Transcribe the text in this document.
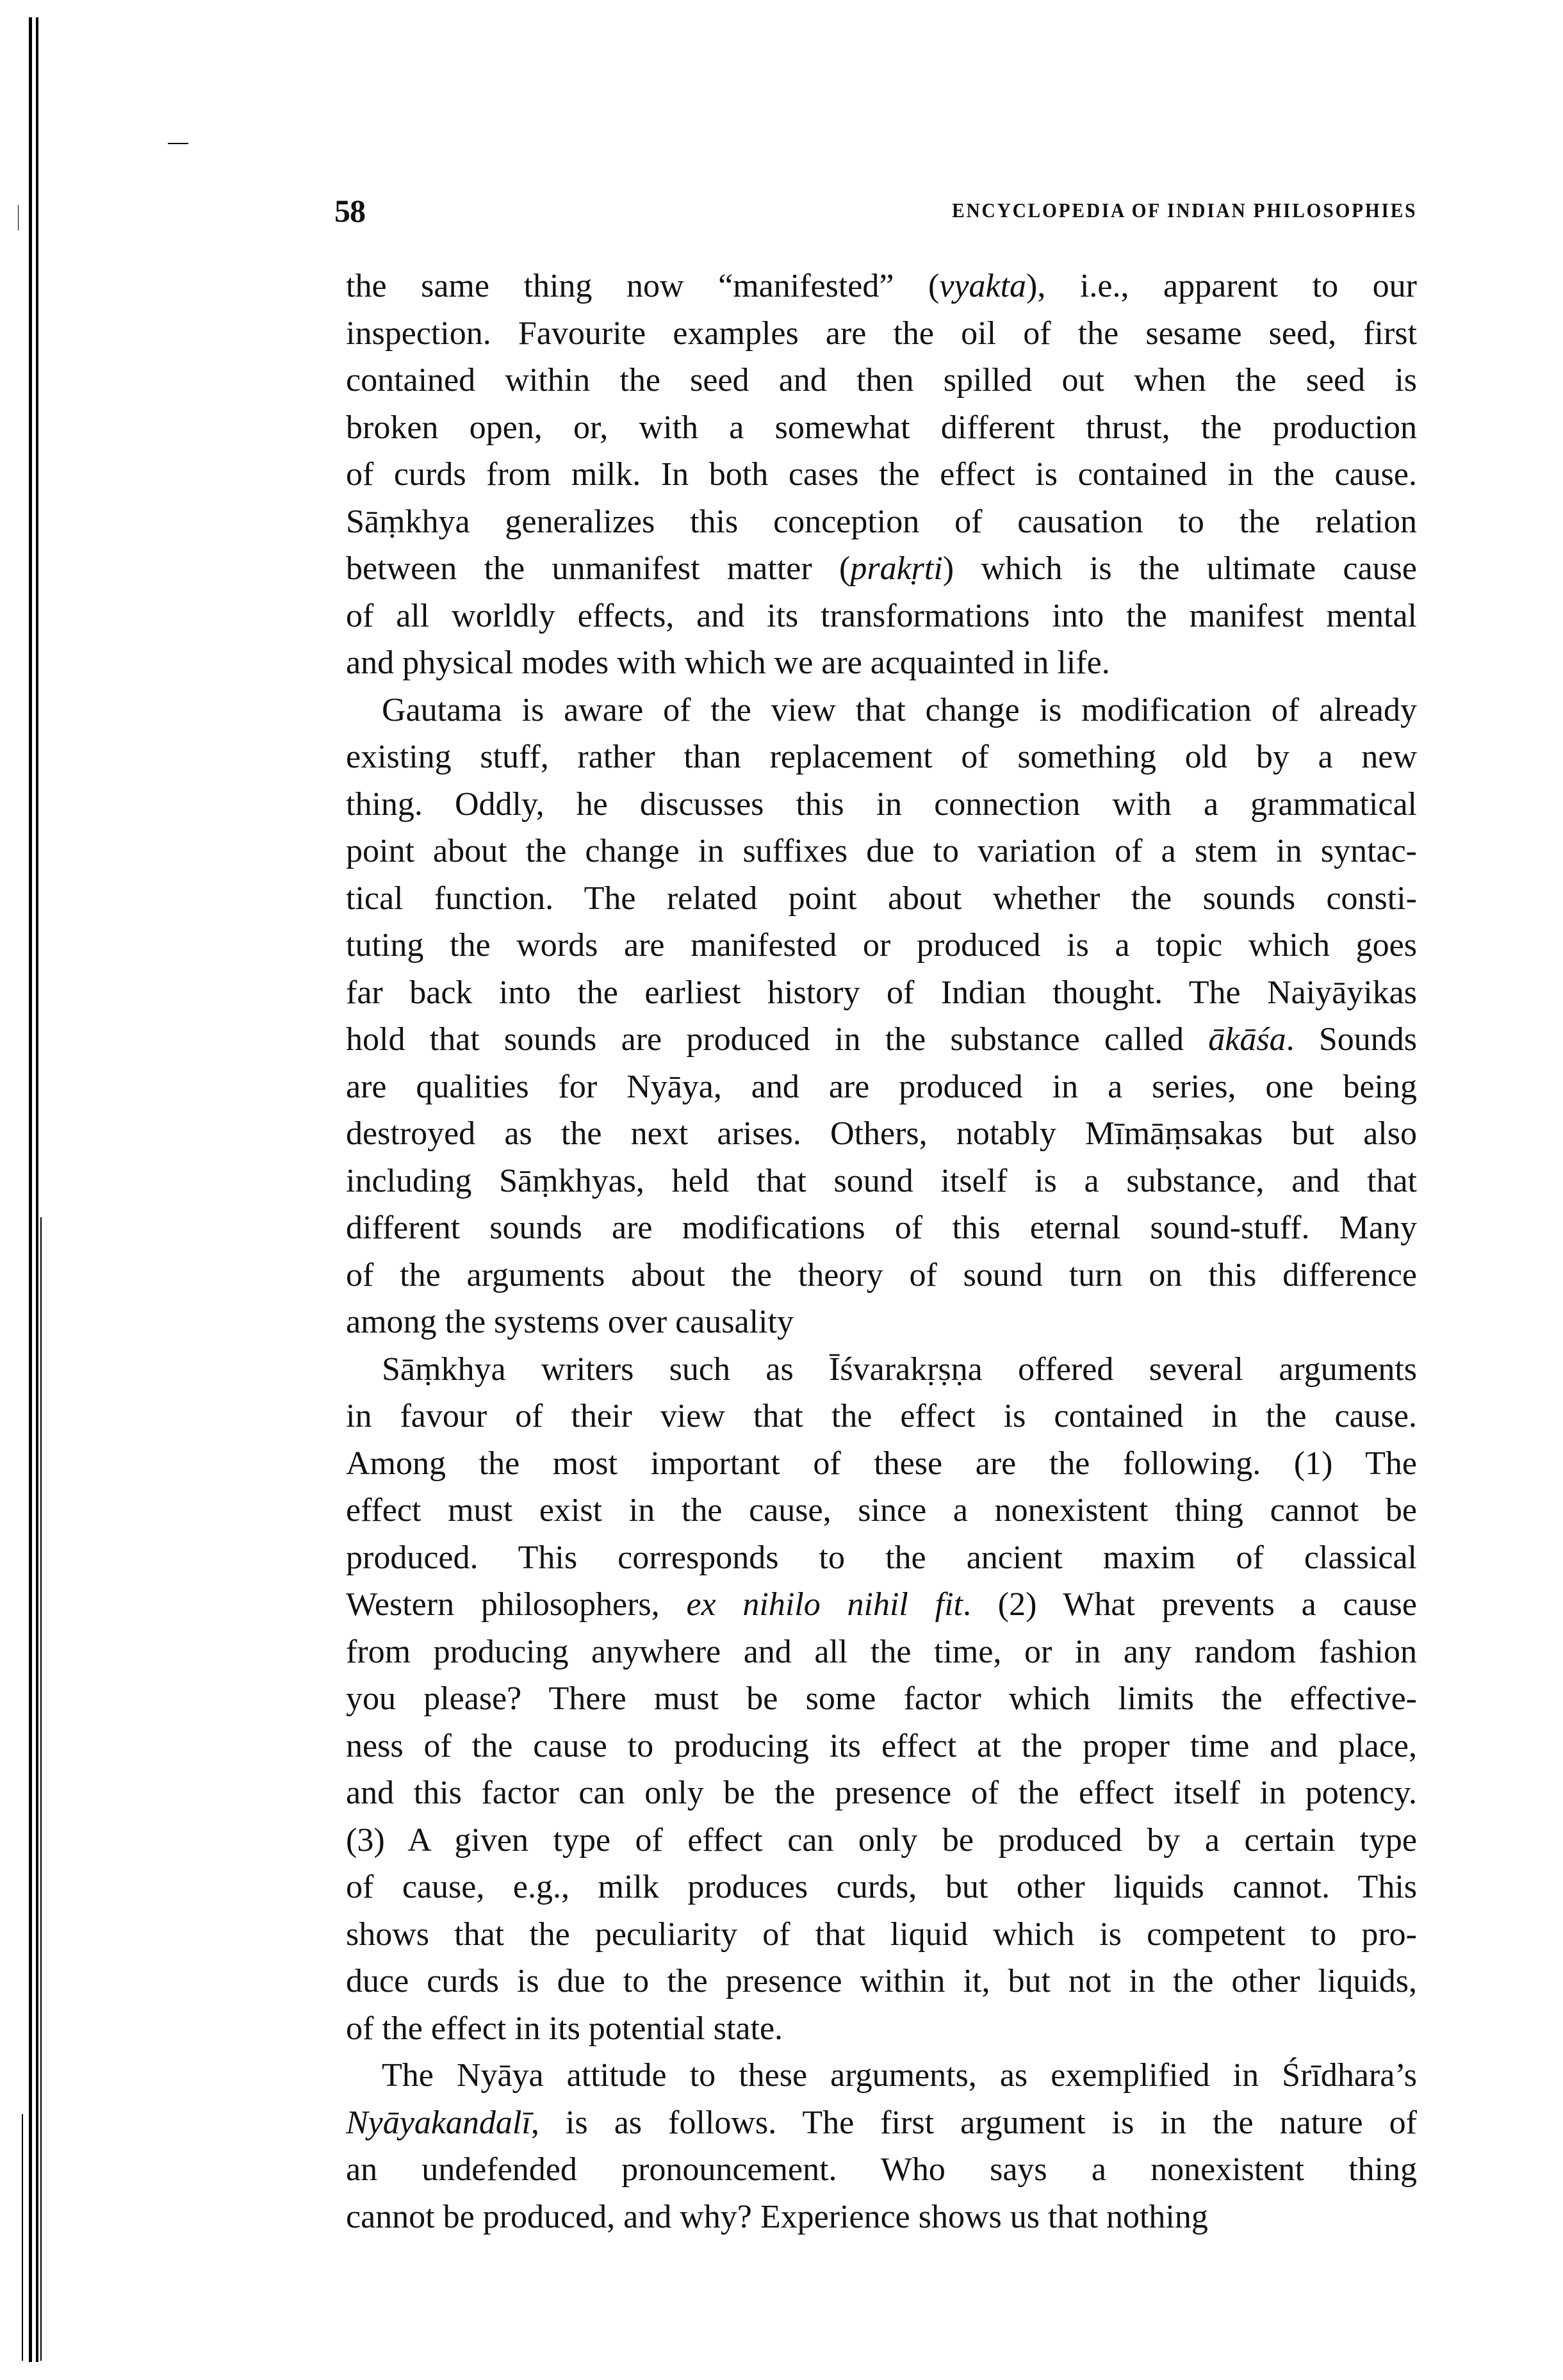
58	ENCYCLOPEDIA OF INDIAN PHILOSOPHIES
the same thing now “manifested” (vyakta), i.e., apparent to our
inspection. Favourite examples are the oil of the sesame seed, first
contained within the seed and then spilled out when the seed is
broken open, or, with a somewhat different thrust, the production
of curds from milk. In both cases the effect is contained in the cause.
Sāṃkhya generalizes this conception of causation to the relation
between the unmanifest matter (prakṛti) which is the ultimate cause
of all worldly effects, and its transformations into the manifest mental
and physical modes with which we are acquainted in life.
Gautama is aware of the view that change is modification of already
existing stuff, rather than replacement of something old by a new
thing. Oddly, he discusses this in connection with a grammatical
point about the change in suffixes due to variation of a stem in syntac-
tical function. The related point about whether the sounds consti-
tuting the words are manifested or produced is a topic which goes
far back into the earliest history of Indian thought. The Naiyāyikas
hold that sounds are produced in the substance called ākāśa. Sounds
are qualities for Nyāya, and are produced in a series, one being
destroyed as the next arises. Others, notably Mīmāṃsakas but also
including Sāṃkhyas, held that sound itself is a substance, and that
different sounds are modifications of this eternal sound-stuff. Many
of the arguments about the theory of sound turn on this difference
among the systems over causality
Sāṃkhya writers such as Īśvarakṛṣṇa offered several arguments
in favour of their view that the effect is contained in the cause.
Among the most important of these are the following. (1) The
effect must exist in the cause, since a nonexistent thing cannot be
produced. This corresponds to the ancient maxim of classical
Western philosophers, ex nihilo nihil fit. (2) What prevents a cause
from producing anywhere and all the time, or in any random fashion
you please? There must be some factor which limits the effective-
ness of the cause to producing its effect at the proper time and place,
and this factor can only be the presence of the effect itself in potency.
(3) A given type of effect can only be produced by a certain type
of cause, e.g., milk produces curds, but other liquids cannot. This
shows that the peculiarity of that liquid which is competent to pro-
duce curds is due to the presence within it, but not in the other liquids,
of the effect in its potential state.
The Nyāya attitude to these arguments, as exemplified in Śrīdhara’s
Nyāyakandalī, is as follows. The first argument is in the nature of
an undefended pronouncement. Who says a nonexistent thing
cannot be produced, and why? Experience shows us that nothing
